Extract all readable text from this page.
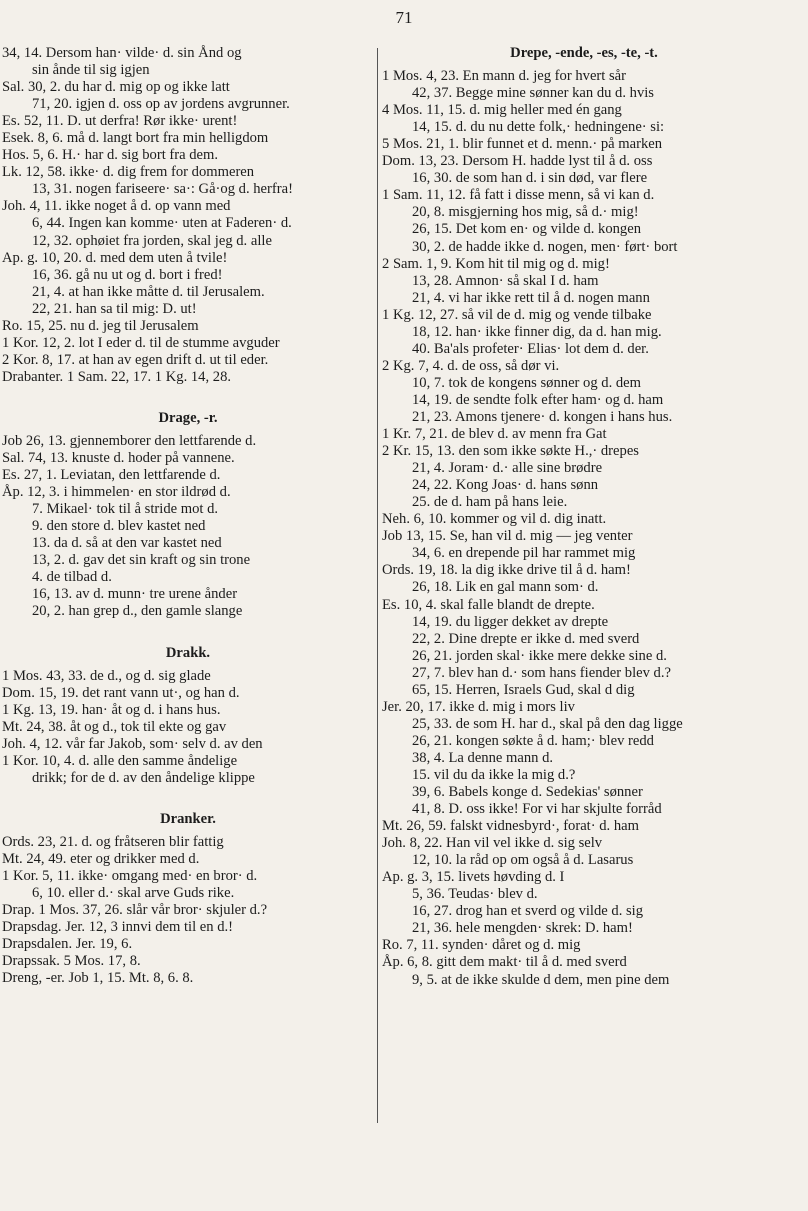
71
34, 14. Dersom han· vilde· d. sin Ånd og
sin ånde til sig igjen
Sal. 30, 2. du har d. mig op og ikke latt
71, 20. igjen d. oss op av jordens avgrunner.
Es. 52, 11. D. ut derfra! Rør ikke· urent!
Esek. 8, 6. må d. langt bort fra min helligdom
Hos. 5, 6. H.· har d. sig bort fra dem.
Lk. 12, 58. ikke· d. dig frem for dommeren
13, 31. nogen fariseere· sa·: Gå·og d. herfra!
Joh. 4, 11. ikke noget å d. op vann med
6, 44. Ingen kan komme· uten at Faderen· d.
12, 32. ophøiet fra jorden, skal jeg d. alle
Ap. g. 10, 20. d. med dem uten å tvile!
16, 36. gå nu ut og d. bort i fred!
21, 4. at han ikke måtte d. til Jerusalem.
22, 21. han sa til mig: D. ut!
Ro. 15, 25. nu d. jeg til Jerusalem
1 Kor. 12, 2. lot I eder d. til de stumme avguder
2 Kor. 8, 17. at han av egen drift d. ut til eder.
Drabanter. 1 Sam. 22, 17. 1 Kg. 14, 28.
Drage, -r.
Job 26, 13. gjennemborer den lettfarende d.
Sal. 74, 13. knuste d. hoder på vannene.
Es. 27, 1. Leviatan, den lettfarende d.
Åp. 12, 3. i himmelen· en stor ildrød d.
7. Mikael· tok til å stride mot d.
9. den store d. blev kastet ned
13. da d. så at den var kastet ned
13, 2. d. gav det sin kraft og sin trone
4. de tilbad d.
16, 13. av d. munn· tre urene ånder
20, 2. han grep d., den gamle slange
Drakk.
1 Mos. 43, 33. de d., og d. sig glade
Dom. 15, 19. det rant vann ut·, og han d.
1 Kg. 13, 19. han· åt og d. i hans hus.
Mt. 24, 38. åt og d., tok til ekte og gav
Joh. 4, 12. vår far Jakob, som· selv d. av den
1 Kor. 10, 4. d. alle den samme åndelige
drikk; for de d. av den åndelige klippe
Dranker.
Ords. 23, 21. d. og fråtseren blir fattig
Mt. 24, 49. eter og drikker med d.
1 Kor. 5, 11. ikke· omgang med· en bror· d.
6, 10. eller d.· skal arve Guds rike.
Drap. 1 Mos. 37, 26. slår vår bror· skjuler d.?
Drapsdag. Jer. 12, 3 innvi dem til en d.!
Drapsdalen. Jer. 19, 6.
Drapssak. 5 Mos. 17, 8.
Dreng, -er. Job 1, 15. Mt. 8, 6. 8.
Drepe, -ende, -es, -te, -t.
1 Mos. 4, 23. En mann d. jeg for hvert sår
42, 37. Begge mine sønner kan du d. hvis
4 Mos. 11, 15. d. mig heller med én gang
14, 15. d. du nu dette folk,· hedningene· si:
5 Mos. 21, 1. blir funnet et d. menn.· på marken
Dom. 13, 23. Dersom H. hadde lyst til å d. oss
16, 30. de som han d. i sin død, var flere
1 Sam. 11, 12. få fatt i disse menn, så vi kan d.
20, 8. misgjerning hos mig, så d.· mig!
26, 15. Det kom en· og vilde d. kongen
30, 2. de hadde ikke d. nogen, men· ført· bort
2 Sam. 1, 9. Kom hit til mig og d. mig!
13, 28. Amnon· så skal I d. ham
21, 4. vi har ikke rett til å d. nogen mann
1 Kg. 12, 27. så vil de d. mig og vende tilbake
18, 12. han· ikke finner dig, da d. han mig.
40. Ba'als profeter· Elias· lot dem d. der.
2 Kg. 7, 4. d. de oss, så dør vi.
10, 7. tok de kongens sønner og d. dem
14, 19. de sendte folk efter ham· og d. ham
21, 23. Amons tjenere· d. kongen i hans hus.
1 Kr. 7, 21. de blev d. av menn fra Gat
2 Kr. 15, 13. den som ikke søkte H.,· drepes
21, 4. Joram· d.· alle sine brødre
24, 22. Kong Joas· d. hans sønn
25. de d. ham på hans leie.
Neh. 6, 10. kommer og vil d. dig inatt.
Job 13, 15. Se, han vil d. mig — jeg venter
34, 6. en drepende pil har rammet mig
Ords. 19, 18. la dig ikke drive til å d. ham!
26, 18. Lik en gal mann som· d.
Es. 10, 4. skal falle blandt de drepte.
14, 19. du ligger dekket av drepte
22, 2. Dine drepte er ikke d. med sverd
26, 21. jorden skal· ikke mere dekke sine d.
27, 7. blev han d.· som hans fiender blev d.?
65, 15. Herren, Israels Gud, skal d dig
Jer. 20, 17. ikke d. mig i mors liv
25, 33. de som H. har d., skal på den dag ligge
26, 21. kongen søkte å d. ham;· blev redd
38, 4. La denne mann d.
15. vil du da ikke la mig d.?
39, 6. Babels konge d. Sedekias' sønner
41, 8. D. oss ikke! For vi har skjulte forråd
Mt. 26, 59. falskt vidnesbyrd·, forat· d. ham
Joh. 8, 22. Han vil vel ikke d. sig selv
12, 10. la råd op om også å d. Lasarus
Ap. g. 3, 15. livets høvding d. I
5, 36. Teudas· blev d.
16, 27. drog han et sverd og vilde d. sig
21, 36. hele mengden· skrek: D. ham!
Ro. 7, 11. synden· dåret og d. mig
Åp. 6, 8. gitt dem makt· til å d. med sverd
9, 5. at de ikke skulde d dem, men pine dem
